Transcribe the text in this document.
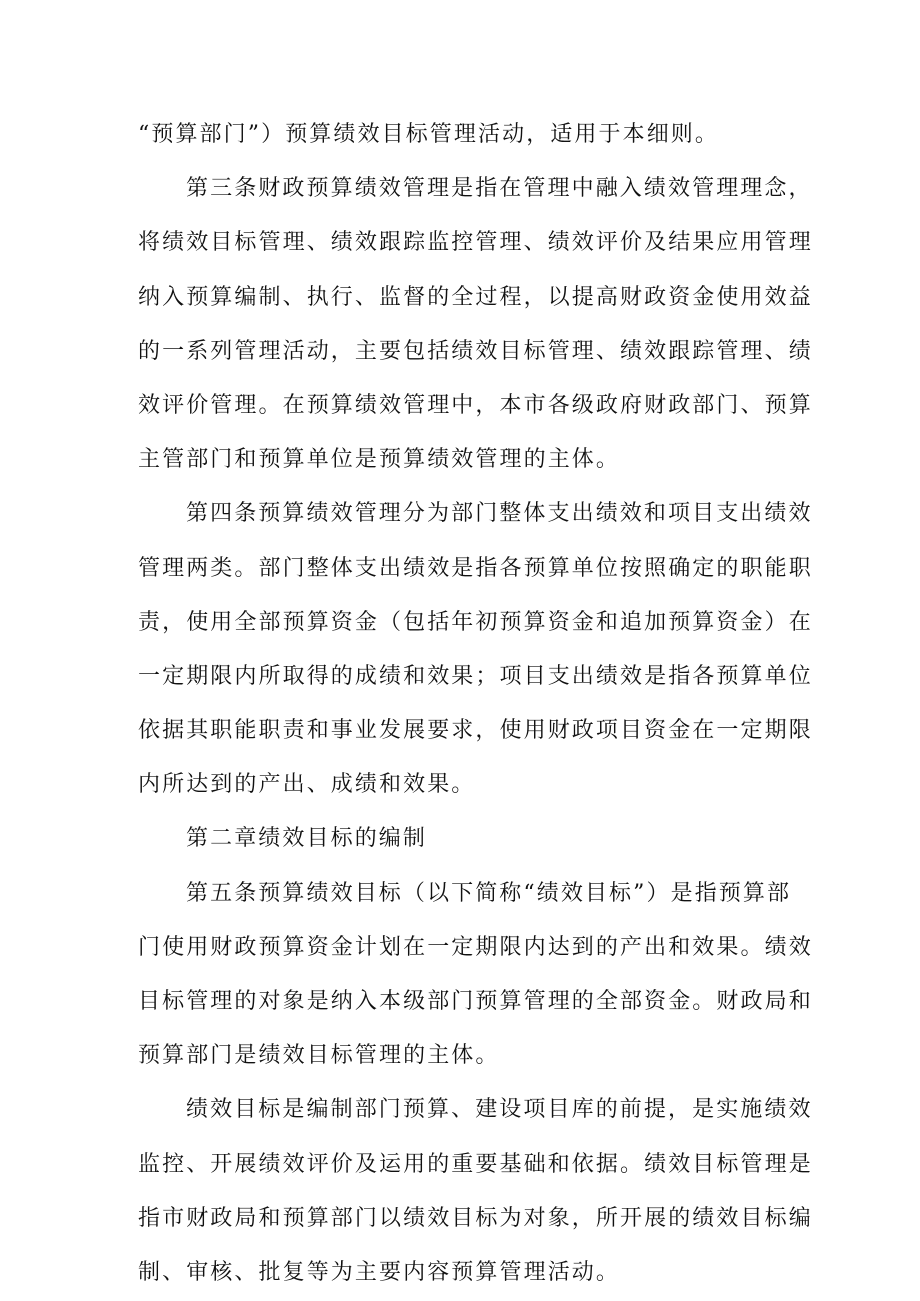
“预算部门”）预算绩效目标管理活动，适用于本细则。
第三条财政预算绩效管理是指在管理中融入绩效管理理念，
将绩效目标管理、绩效跟踪监控管理、绩效评价及结果应用管理
纳入预算编制、执行、监督的全过程，以提高财政资金使用效益
的一系列管理活动，主要包括绩效目标管理、绩效跟踪管理、绩
效评价管理。在预算绩效管理中，本市各级政府财政部门、预算
主管部门和预算单位是预算绩效管理的主体。
第四条预算绩效管理分为部门整体支出绩效和项目支出绩效
管理两类。部门整体支出绩效是指各预算单位按照确定的职能职
责，使用全部预算资金（包括年初预算资金和追加预算资金）在
一定期限内所取得的成绩和效果；项目支出绩效是指各预算单位
依据其职能职责和事业发展要求，使用财政项目资金在一定期限
内所达到的产出、成绩和效果。
第二章绩效目标的编制
第五条预算绩效目标（以下简称“绩效目标”）是指预算部
门使用财政预算资金计划在一定期限内达到的产出和效果。绩效
目标管理的对象是纳入本级部门预算管理的全部资金。财政局和
预算部门是绩效目标管理的主体。
绩效目标是编制部门预算、建设项目库的前提，是实施绩效
监控、开展绩效评价及运用的重要基础和依据。绩效目标管理是
指市财政局和预算部门以绩效目标为对象，所开展的绩效目标编
制、审核、批复等为主要内容预算管理活动。
